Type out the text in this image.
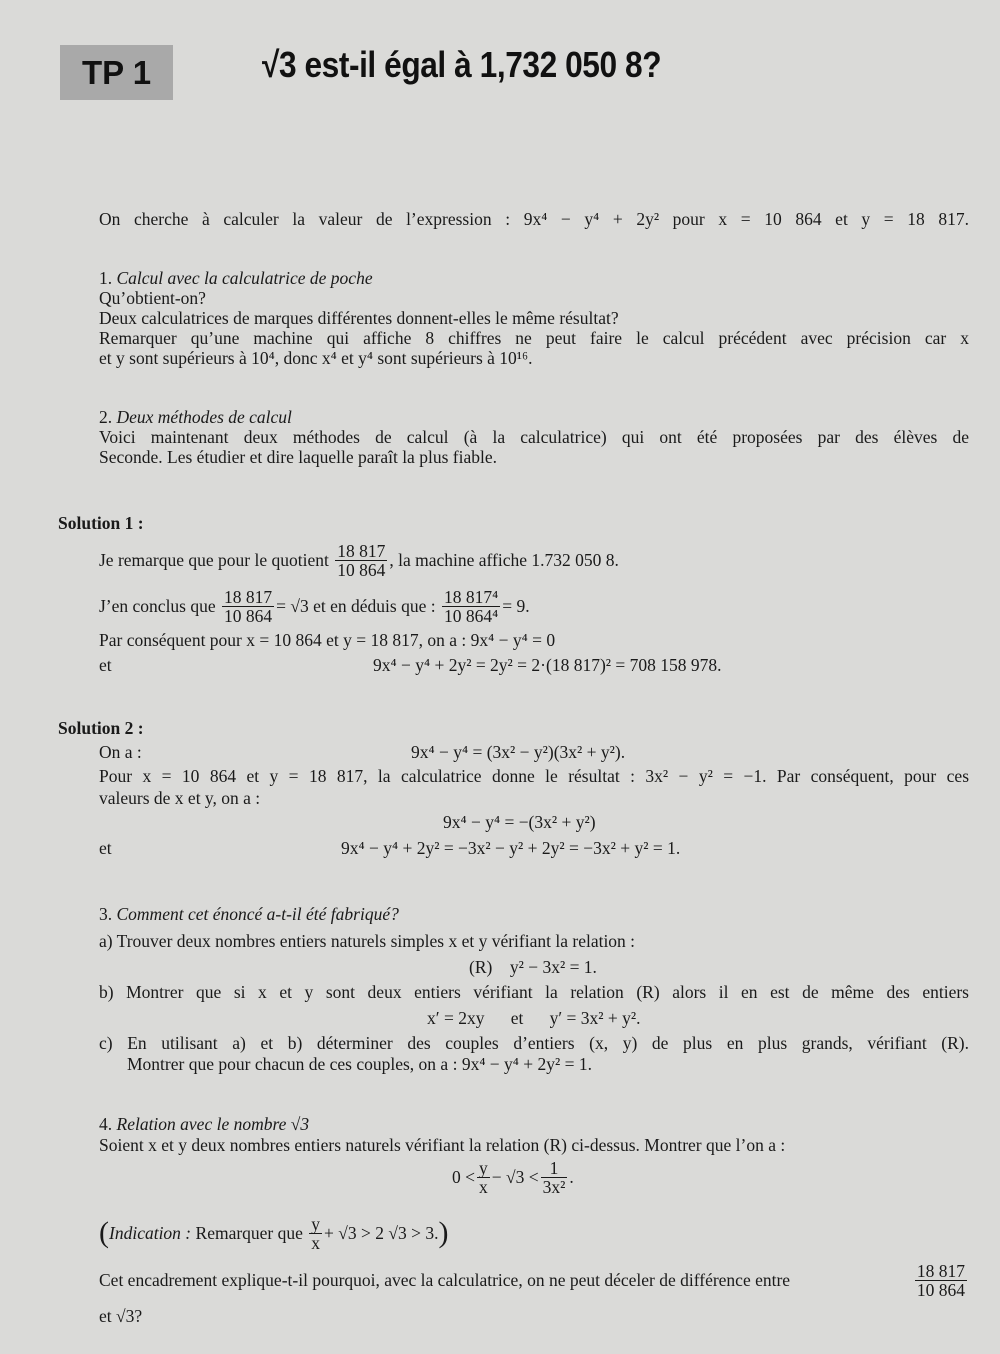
TP 1	√3 est-il égal à 1,732 050 8?
On cherche à calculer la valeur de l’expression : 9x⁴ − y⁴ + 2y² pour x = 10 864 et y = 18 817.
1. Calcul avec la calculatrice de poche
Qu’obtient-on?
Deux calculatrices de marques différentes donnent-elles le même résultat?
Remarquer qu’une machine qui affiche 8 chiffres ne peut faire le calcul précédent avec précision car x
et y sont supérieurs à 10⁴, donc x⁴ et y⁴ sont supérieurs à 10¹⁶.
2. Deux méthodes de calcul
Voici maintenant deux méthodes de calcul (à la calculatrice) qui ont été proposées par des élèves de
Seconde. Les étudier et dire laquelle paraît la plus fiable.
Solution 1 :
Je remarque que pour le quotient
$\frac{18 817}{10 864}$ , la machine affiche 1.732 050 8.
J’en conclus que
$\frac{18 817}{10 864} = √3$ et en déduis que :
$\frac{\text{18 817⁴}}{\text{10 864⁴}} = 9$.
Par conséquent pour x = 10 864 et y = 18 817, on a : 9x⁴ − y⁴ = 0
et	9x⁴ − y⁴ + 2y² = 2y² = 2·(18 817)² = 708 158 978.
Solution 2 :
On a :	9x⁴ − y⁴ = (3x² − y²)(3x² + y²).
Pour x = 10 864 et y = 18 817, la calculatrice donne le résultat : 3x² − y² = −1. Par conséquent, pour ces
valeurs de x et y, on a :
9x⁴ − y⁴ = −(3x² + y²)
et	9x⁴ − y⁴ + 2y² = −3x² − y² + 2y² = −3x² + y² = 1.
3. Comment cet énoncé a-t-il été fabriqué?
a) Trouver deux nombres entiers naturels simples x et y vérifiant la relation :
(R)    y² − 3x² = 1.
b) Montrer que si x et y sont deux entiers vérifiant la relation (R) alors il en est de même des entiers
x′ = 2xy      et      y′ = 3x² + y².
c) En utilisant a) et b) déterminer des couples d’entiers (x, y) de plus en plus grands, vérifiant (R).
Montrer que pour chacun de ces couples, on a : 9x⁴ − y⁴ + 2y² = 1.
4. Relation avec le nombre √3
Soient x et y deux nombres entiers naturels vérifiant la relation (R) ci-dessus. Montrer que l’on a :
$0 < \frac{y}{x} - √3 < \frac{1}{\text{3x²}}$ .
( Indication :
Remarquer que
$\frac{y}{x} + √3 > 2$ √3 > 3. )
Cet encadrement explique-t-il pourquoi, avec la calculatrice, on ne peut déceler de différence entre	$\frac{18 817}{10 864}$
et √3?
